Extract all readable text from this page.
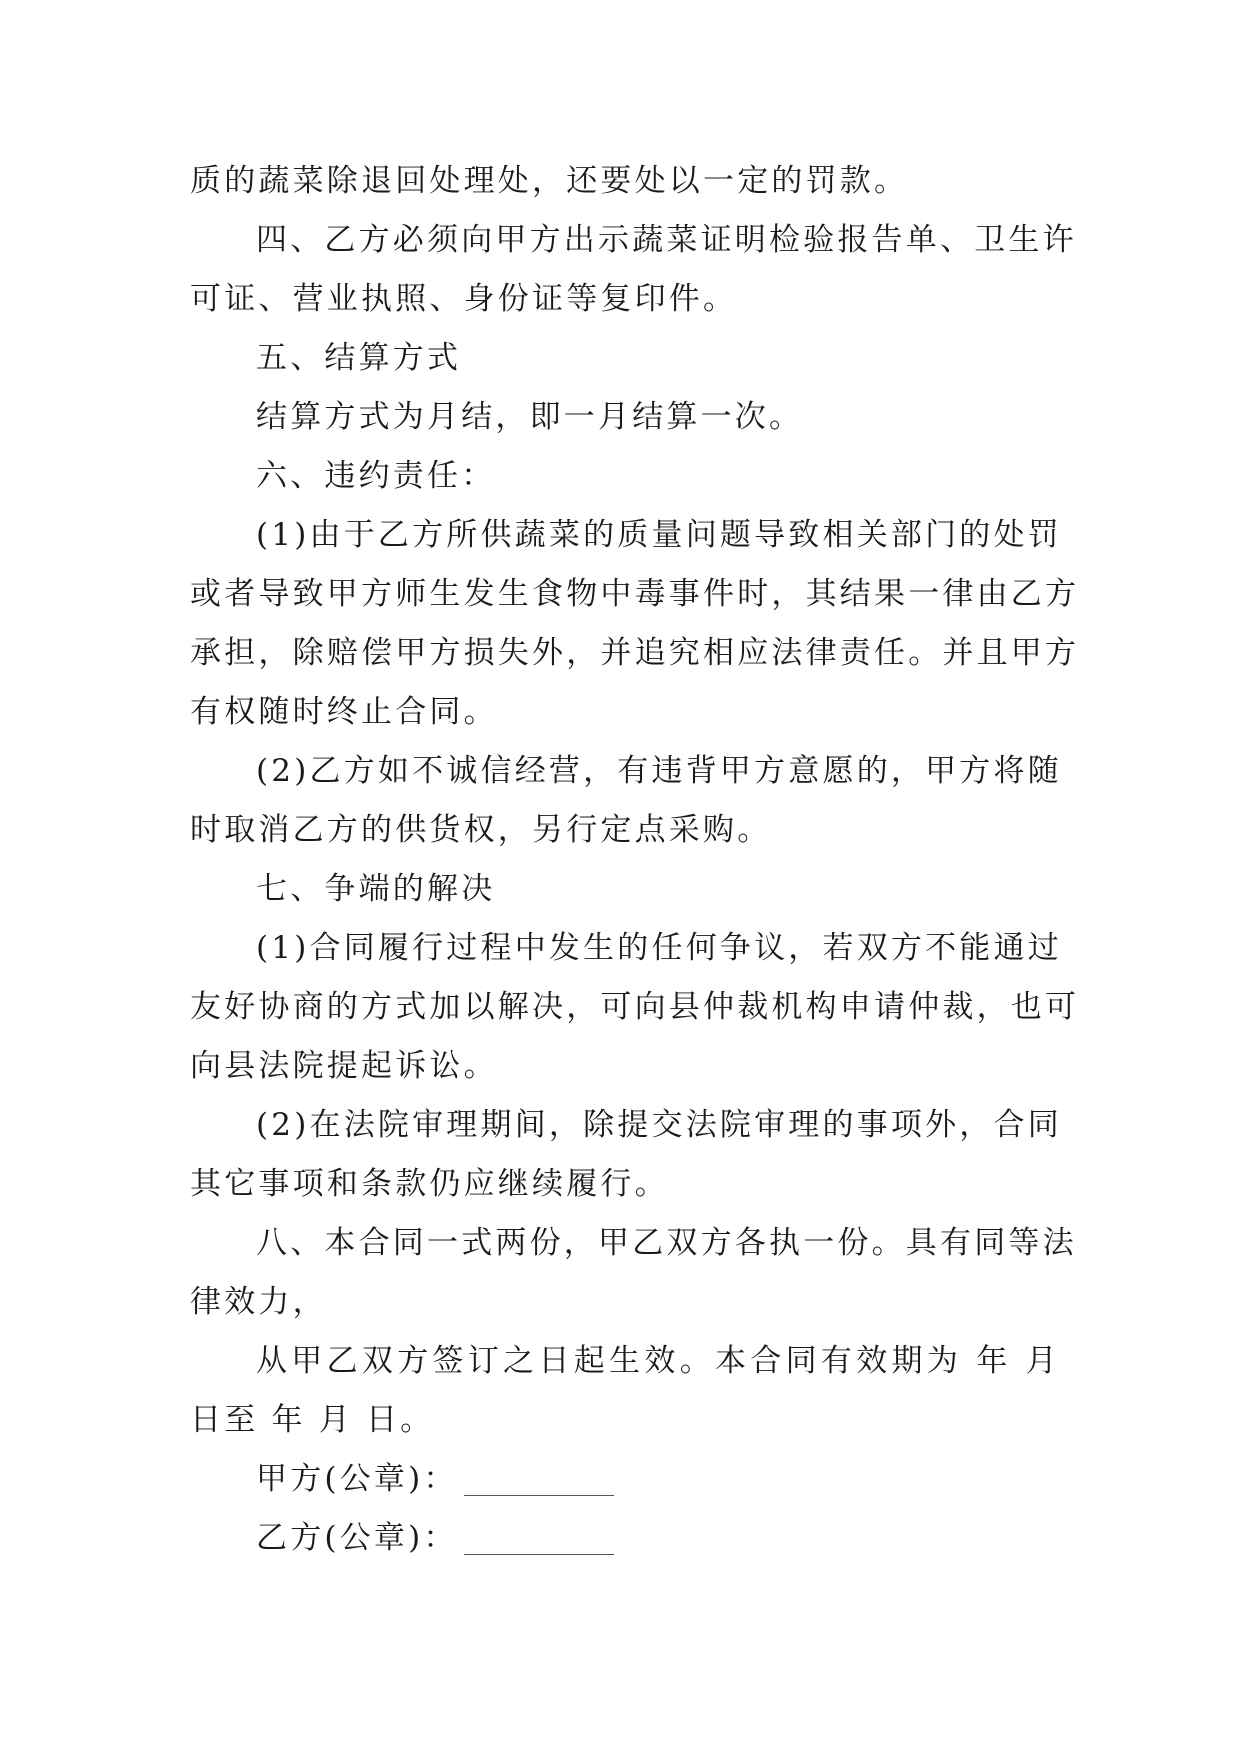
质的蔬菜除退回处理处，还要处以一定的罚款。
四、乙方必须向甲方出示蔬菜证明检验报告单、卫生许
可证、营业执照、身份证等复印件。
五、结算方式
结算方式为月结，即一月结算一次。
六、违约责任：
(1)由于乙方所供蔬菜的质量问题导致相关部门的处罚
或者导致甲方师生发生食物中毒事件时，其结果一律由乙方
承担，除赔偿甲方损失外，并追究相应法律责任。并且甲方
有权随时终止合同。
(2)乙方如不诚信经营，有违背甲方意愿的，甲方将随
时取消乙方的供货权，另行定点采购。
七、争端的解决
(1)合同履行过程中发生的任何争议，若双方不能通过
友好协商的方式加以解决，可向县仲裁机构申请仲裁，也可
向县法院提起诉讼。
(2)在法院审理期间，除提交法院审理的事项外，合同
其它事项和条款仍应继续履行。
八、本合同一式两份，甲乙双方各执一份。具有同等法
律效力，
从甲乙双方签订之日起生效。本合同有效期为 年 月
日至 年 月 日。
甲方(公章)：
乙方(公章)：
